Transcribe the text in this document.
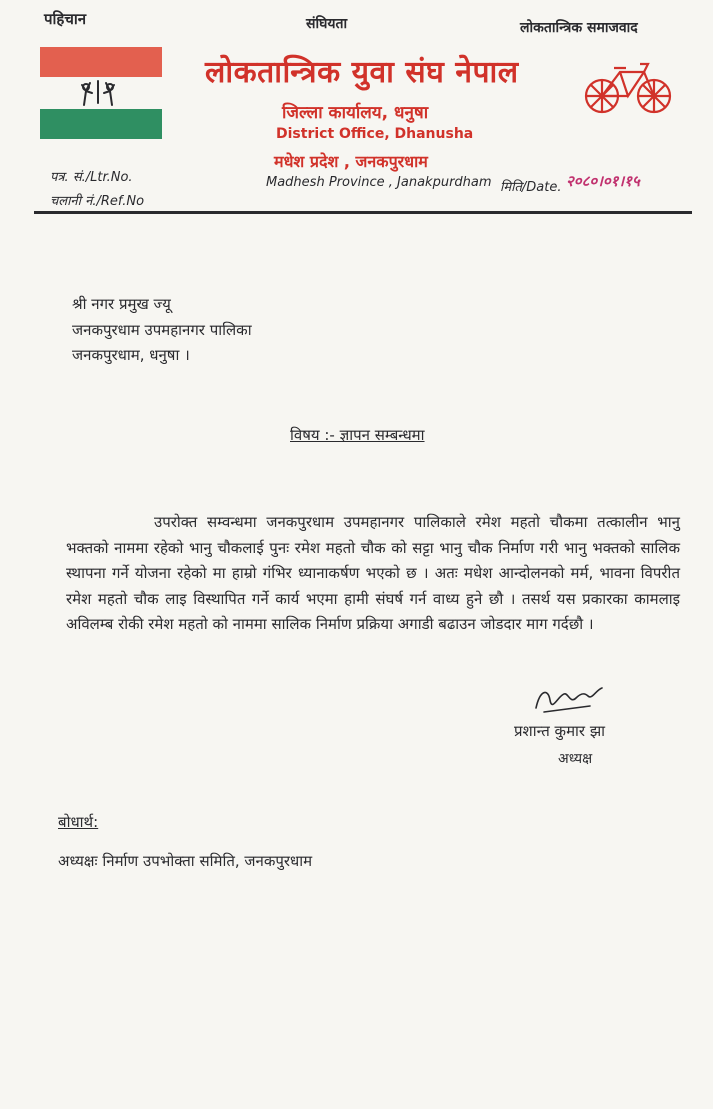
पहिचान	संघियता	लोकतान्त्रिक समाजवाद
लोकतान्त्रिक युवा संघ नेपाल
जिल्ला कार्यालय, धनुषा
District Office, Dhanusha
मधेश प्रदेश , जनकपुरधाम
Madhesh Province , Janakpurdham
पत्र. सं./Ltr.No.
चलानी नं./Ref.No
मिति/Date. २०८०।०१।१५
श्री नगर प्रमुख ज्यू
जनकपुरधाम उपमहानगर पालिका
जनकपुरधाम, धनुषा ।
विषय :- ज्ञापन सम्बन्धमा

उपरोक्त सम्वन्धमा जनकपुरधाम उपमहानगर पालिकाले रमेश महतो चौकमा तत्कालीन भानु भक्तको नाममा रहेको भानु चौकलाई पुनः रमेश महतो चौक को सट्टा भानु चौक निर्माण गरी भानु भक्तको सालिक स्थापना गर्ने योजना रहेको मा हाम्रो गंभिर ध्यानाकर्षण भएको छ । अतः मधेश आन्दोलनको मर्म, भावना विपरीत रमेश महतो चौक लाइ विस्थापित गर्ने कार्य भएमा हामी संघर्ष गर्न वाध्य हुने छौ । तसर्थ यस प्रकारका कामलाइ अविलम्ब रोकी रमेश महतो को नाममा सालिक निर्माण प्रक्रिया अगाडी बढाउन जोडदार माग गर्दछौ ।

प्रशान्त कुमार झा
अध्यक्ष
बोधार्थ:
अध्यक्षः निर्माण उपभोक्ता समिति, जनकपुरधाम
